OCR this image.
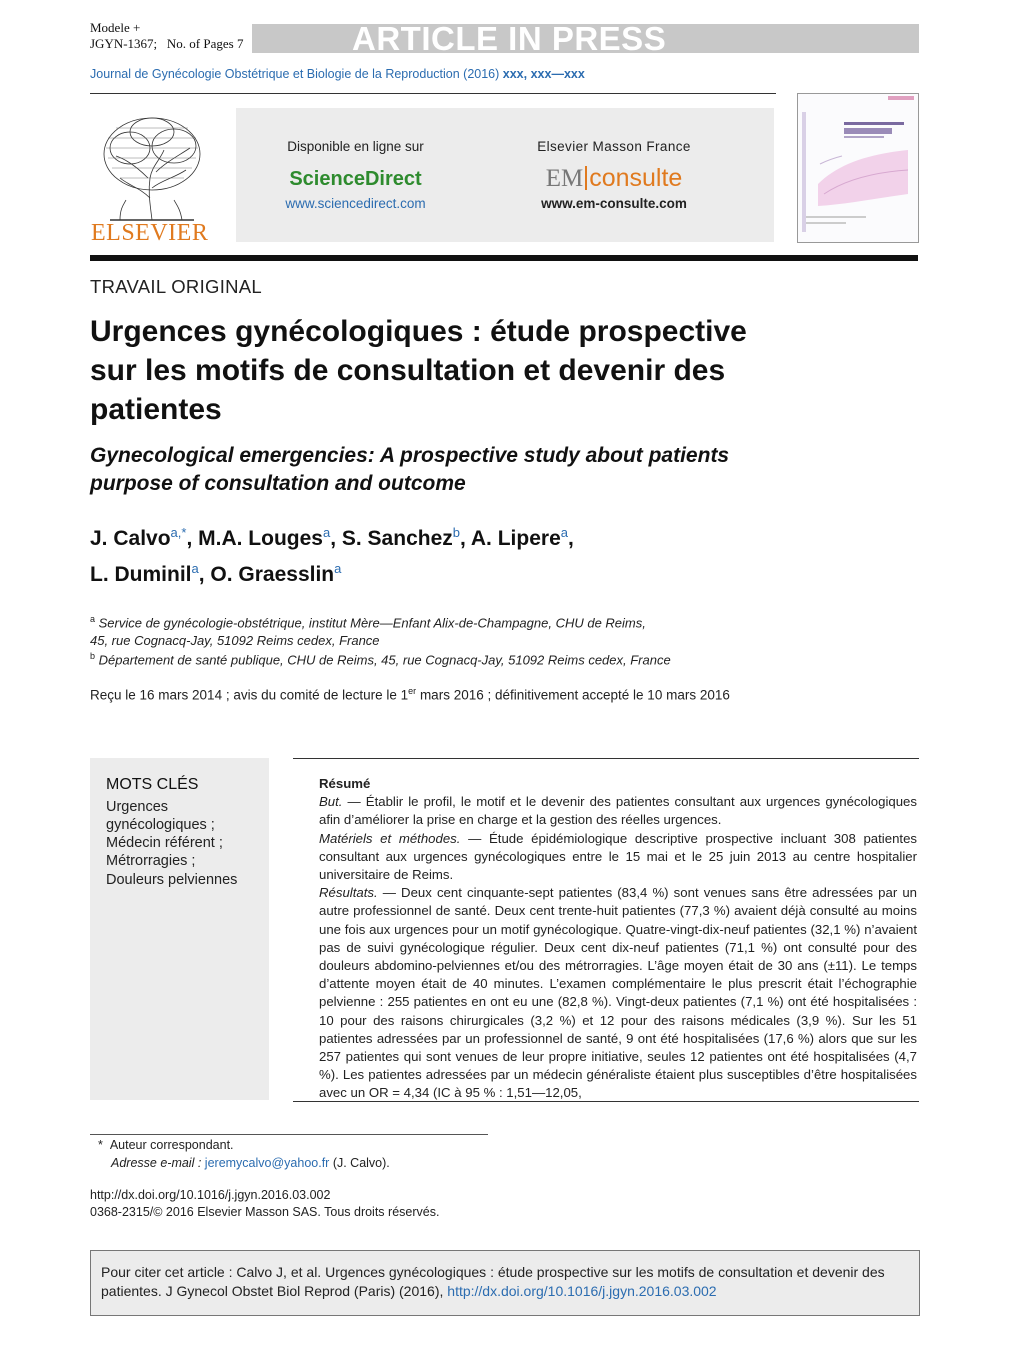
Modele +
JGYN-1367; No. of Pages 7	ARTICLE IN PRESS
Journal de Gynécologie Obstétrique et Biologie de la Reproduction (2016) xxx, xxx—xxx
ELSEVIER
Disponible en ligne sur
ScienceDirect
www.sciencedirect.com
Elsevier Masson France
EM consulte
www.em-consulte.com
TRAVAIL ORIGINAL
Urgences gynécologiques : étude prospective sur les motifs de consultation et devenir des patientes
Gynecological emergencies: A prospective study about patients purpose of consultation and outcome
J. Calvo$^{a,*}$, M.A. Louges$^a$, S. Sanchez$^b$, A. Lipere$^a$,
L. Duminil$^a$, O. Graesslin$^a$
$^a$ Service de gynécologie-obstétrique, institut Mère—Enfant Alix-de-Champagne, CHU de Reims,
45, rue Cognacq-Jay, 51092 Reims cedex, France
$^b$ Département de santé publique, CHU de Reims, 45, rue Cognacq-Jay, 51092 Reims cedex, France
Reçu le 16 mars 2014 ; avis du comité de lecture le 1er mars 2016 ; définitivement accepté le 10 mars 2016
MOTS CLÉS
Urgences
gynécologiques ;
Médecin référent ;
Métrorragies ;
Douleurs pelviennes

Résumé

But. — Établir le profil, le motif et le devenir des patientes consultant aux urgences gynécologiques afin d’améliorer la prise en charge et la gestion des réelles urgences.

Matériels et méthodes. — Étude épidémiologique descriptive prospective incluant 308 patientes consultant aux urgences gynécologiques entre le 15 mai et le 25 juin 2013 au centre hospitalier universitaire de Reims.

Résultats. — Deux cent cinquante-sept patientes (83,4 %) sont venues sans être adressées par un autre professionnel de santé. Deux cent trente-huit patientes (77,3 %) avaient déjà consulté au moins une fois aux urgences pour un motif gynécologique. Quatre-vingt-dix-neuf patientes (32,1 %) n’avaient pas de suivi gynécologique régulier. Deux cent dix-neuf patientes (71,1 %) ont consulté pour des douleurs abdomino-pelviennes et/ou des métrorragies. L’âge moyen était de 30 ans (±11). Le temps d’attente moyen était de 40 minutes. L’examen complémentaire le plus prescrit était l’échographie pelvienne : 255 patientes en ont eu une (82,8 %). Vingt-deux patientes (7,1 %) ont été hospitalisées : 10 pour des raisons chirurgicales (3,2 %) et 12 pour des raisons médicales (3,9 %). Sur les 51 patientes adressées par un professionnel de santé, 9 ont été hospitalisées (17,6 %) alors que sur les 257 patientes qui sont venues de leur propre initiative, seules 12 patientes ont été hospitalisées (4,7 %). Les patientes adressées par un médecin généraliste étaient plus susceptibles d’être hospitalisées avec un OR = 4,34 (IC à 95 % : 1,51—12,05,

* Auteur correspondant.
Adresse e-mail : jeremycalvo@yahoo.fr (J. Calvo).
http://dx.doi.org/10.1016/j.jgyn.2016.03.002
0368-2315/© 2016 Elsevier Masson SAS. Tous droits réservés.
Pour citer cet article : Calvo J, et al. Urgences gynécologiques : étude prospective sur les motifs de consultation et devenir des patientes. J Gynecol Obstet Biol Reprod (Paris) (2016), http://dx.doi.org/10.1016/j.jgyn.2016.03.002
